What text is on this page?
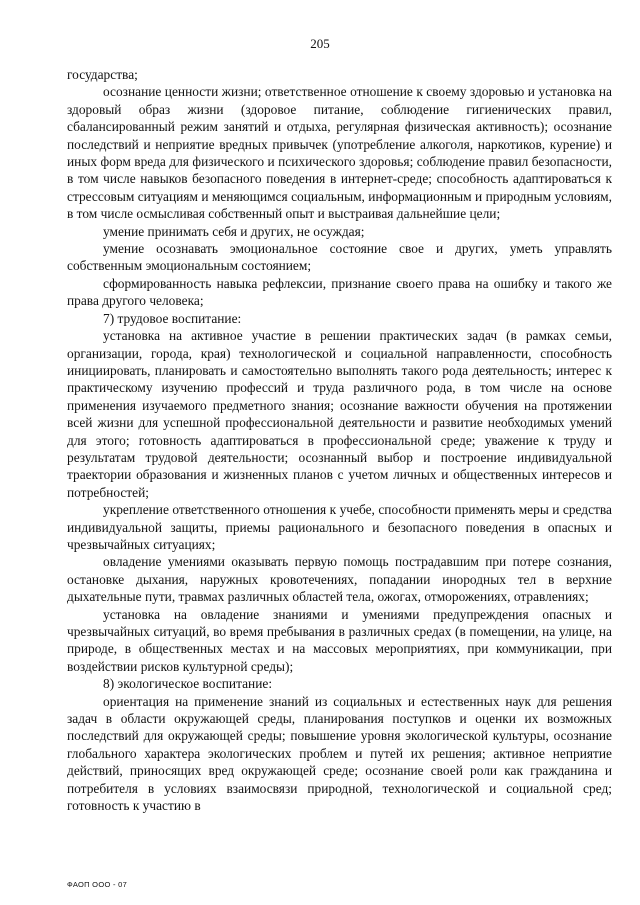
205

государства;

осознание ценности жизни; ответственное отношение к своему здоровью и установка на здоровый образ жизни (здоровое питание, соблюдение гигиенических правил, сбалансированный режим занятий и отдыха, регулярная физическая активность); осознание последствий и неприятие вредных привычек (употребление алкоголя, наркотиков, курение) и иных форм вреда для физического и психического здоровья; соблюдение правил безопасности, в том числе навыков безопасного поведения в интернет-среде; способность адаптироваться к стрессовым ситуациям и меняющимся социальным, информационным и природным условиям, в том числе осмысливая собственный опыт и выстраивая дальнейшие цели;

умение принимать себя и других, не осуждая;

умение осознавать эмоциональное состояние свое и других, уметь управлять собственным эмоциональным состоянием;

сформированность навыка рефлексии, признание своего права на ошибку и такого же права другого человека;

7) трудовое воспитание:

установка на активное участие в решении практических задач (в рамках семьи, организации, города, края) технологической и социальной направленности, способность инициировать, планировать и самостоятельно выполнять такого рода деятельность; интерес к практическому изучению профессий и труда различного рода, в том числе на основе применения изучаемого предметного знания; осознание важности обучения на протяжении всей жизни для успешной профессиональной деятельности и развитие необходимых умений для этого; готовность адаптироваться в профессиональной среде; уважение к труду и результатам трудовой деятельности; осознанный выбор и построение индивидуальной траектории образования и жизненных планов с учетом личных и общественных интересов и потребностей;

укрепление ответственного отношения к учебе, способности применять меры и средства индивидуальной защиты, приемы рационального и безопасного поведения в опасных и чрезвычайных ситуациях;

овладение умениями оказывать первую помощь пострадавшим при потере сознания, остановке дыхания, наружных кровотечениях, попадании инородных тел в верхние дыхательные пути, травмах различных областей тела, ожогах, отморожениях, отравлениях;

установка на овладение знаниями и умениями предупреждения опасных и чрезвычайных ситуаций, во время пребывания в различных средах (в помещении, на улице, на природе, в общественных местах и на массовых мероприятиях, при коммуникации, при воздействии рисков культурной среды);

8) экологическое воспитание:

ориентация на применение знаний из социальных и естественных наук для решения задач в области окружающей среды, планирования поступков и оценки их возможных последствий для окружающей среды; повышение уровня экологической культуры, осознание глобального характера экологических проблем и путей их решения; активное неприятие действий, приносящих вред окружающей среде; осознание своей роли как гражданина и потребителя в условиях взаимосвязи природной, технологической и социальной сред; готовность к участию в

ФАОП ООО - 07
